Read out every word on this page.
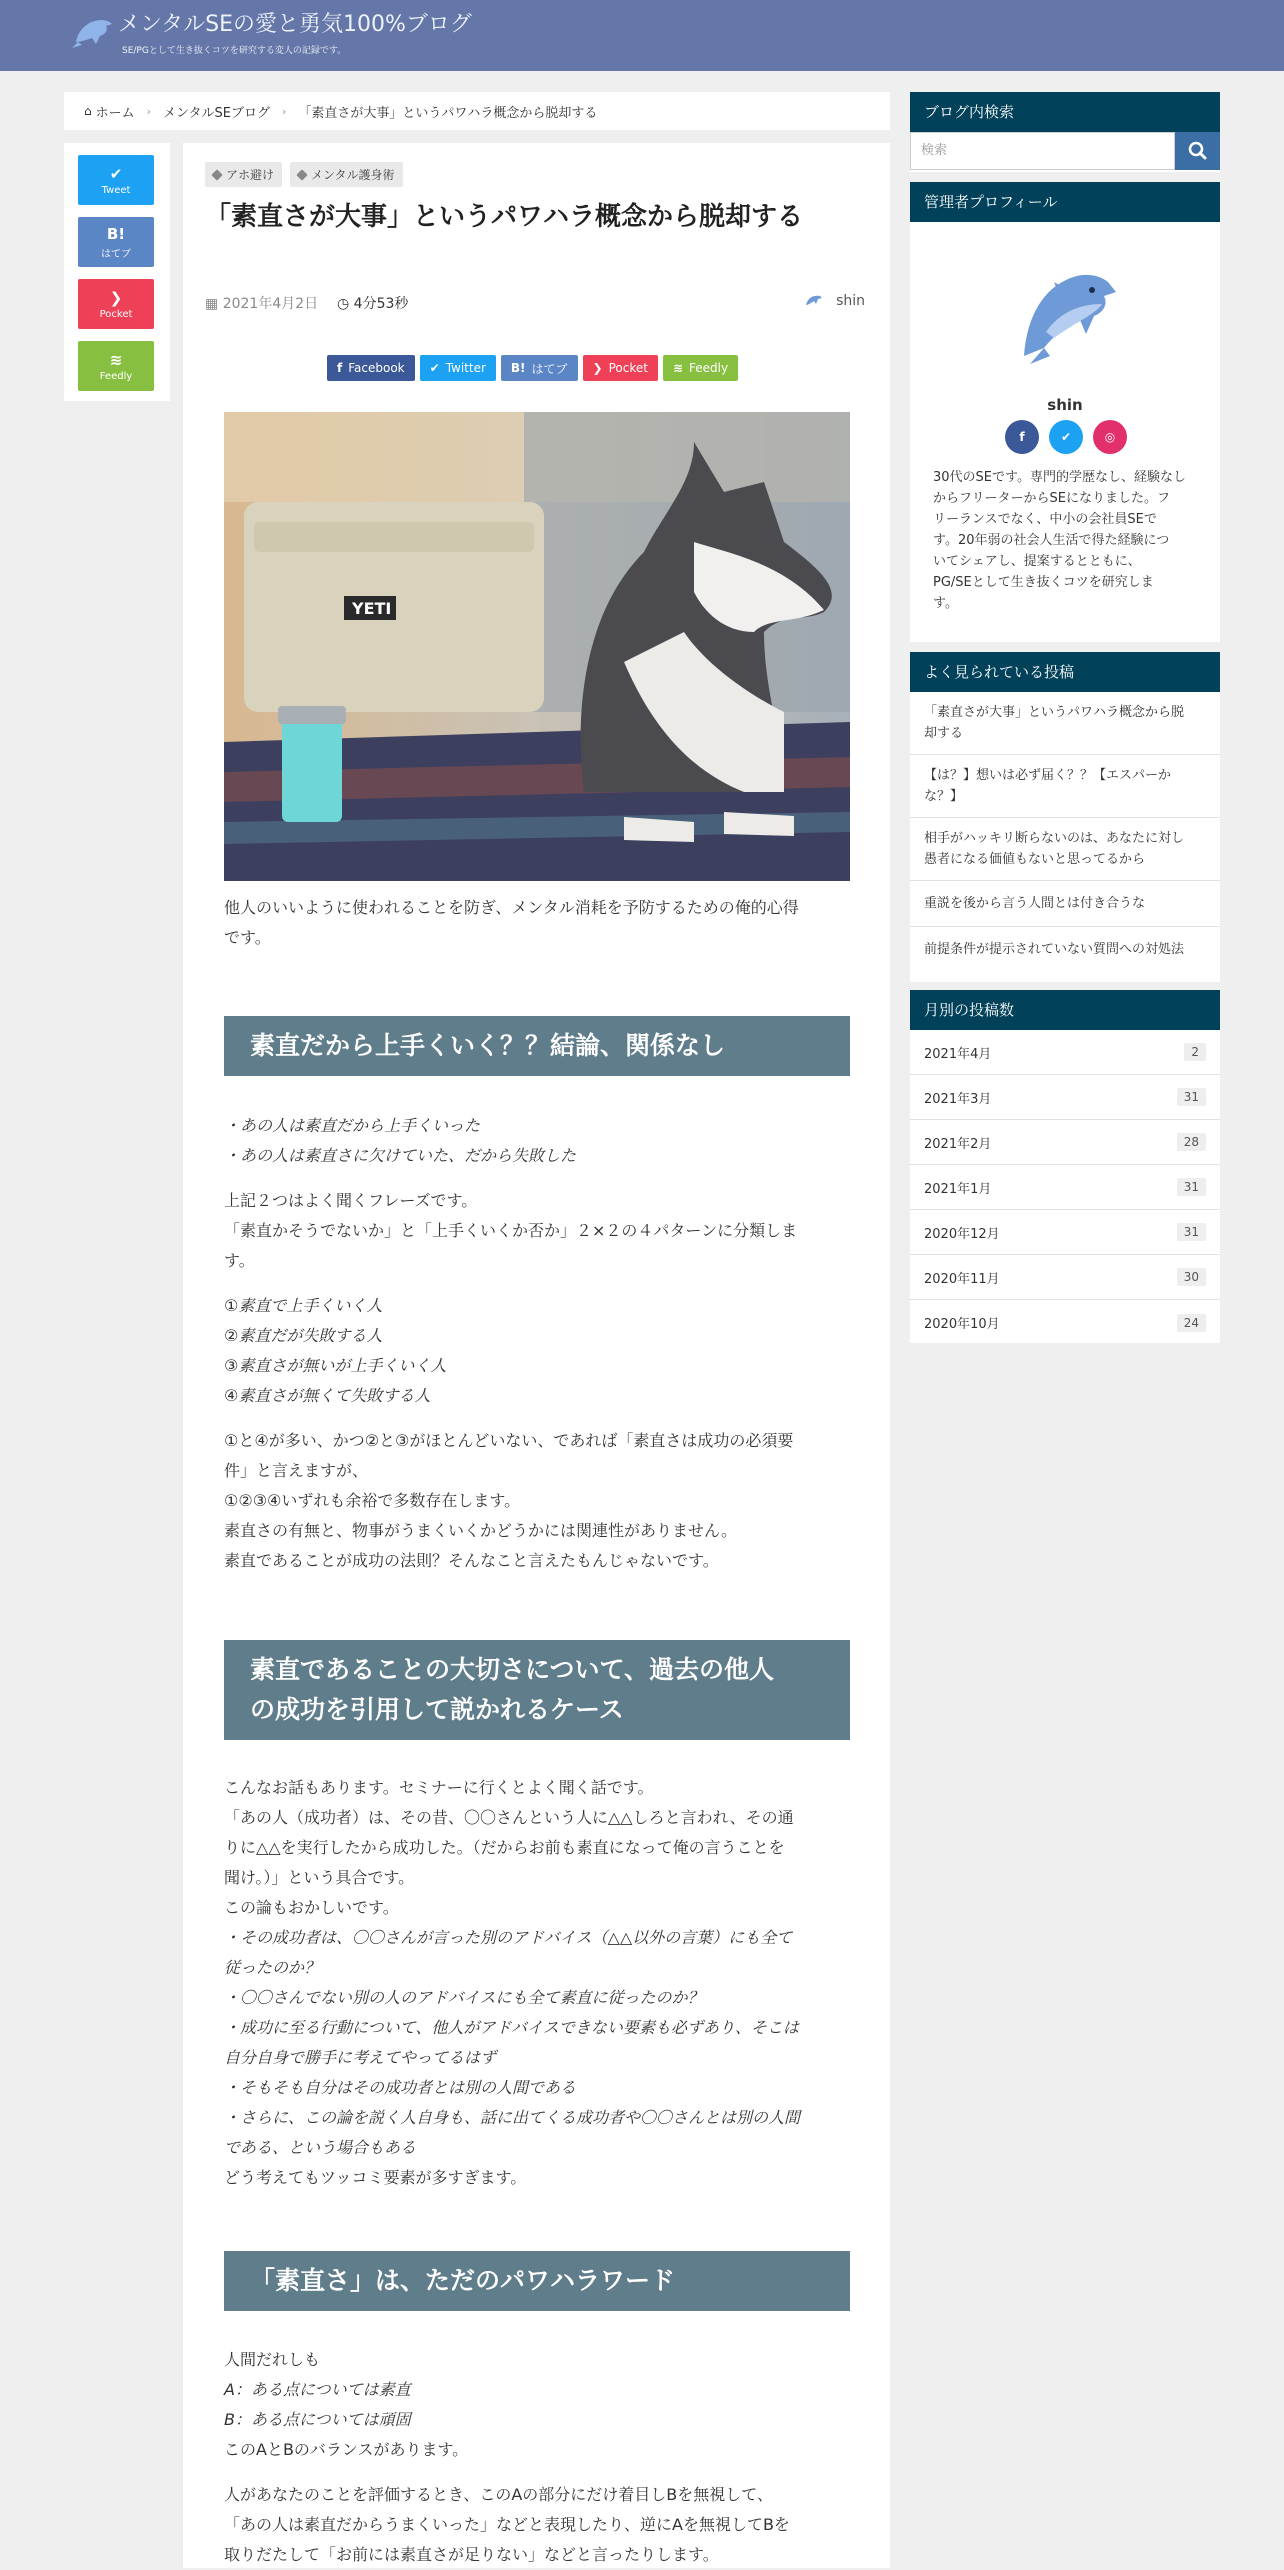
メンタルSEの愛と勇気100%ブログ
SE/PGとして生き抜くコツを研究する変人の記録です。
⌂ ホーム › メンタルSEブログ › 「素直さが大事」というパワハラ概念から脱却する
✔
Tweet
B!
はてブ
❯
Pocket
≋
Feedly
アホ避け	メンタル護身術
「素直さが大事」というパワハラ概念から脱却する
▦ 2021年4月2日 ◷ 4分53秒	shin
f Facebook ✔ Twitter B! はてブ ❯ Pocket ≋ Feedly
YETI
他人のいいように使われることを防ぎ、メンタル消耗を予防するための俺的心得
です。
素直だから上手くいく？？結論、関係なし
・あの人は素直だから上手くいった
・あの人は素直さに欠けていた、だから失敗した
上記２つはよく聞くフレーズです。
「素直かそうでないか」と「上手くいくか否か」２×２の４パターンに分類しま
す。
①素直で上手くいく人
②素直だが失敗する人
③素直さが無いが上手くいく人
④素直さが無くて失敗する人
①と④が多い、かつ②と③がほとんどいない、であれば「素直さは成功の必須要
件」と言えますが、
①②③④いずれも余裕で多数存在します。
素直さの有無と、物事がうまくいくかどうかには関連性がありません。
素直であることが成功の法則？そんなこと言えたもんじゃないです。
素直であることの大切さについて、過去の他人
の成功を引用して説かれるケース
こんなお話もあります。セミナーに行くとよく聞く話です。
「あの人（成功者）は、その昔、〇〇さんという人に△△しろと言われ、その通
りに△△を実行したから成功した。（だからお前も素直になって俺の言うことを
聞け。）」という具合です。
この論もおかしいです。
・その成功者は、〇〇さんが言った別のアドバイス（△△以外の言葉）にも全て
従ったのか？
・〇〇さんでない別の人のアドバイスにも全て素直に従ったのか？
・成功に至る行動について、他人がアドバイスできない要素も必ずあり、そこは
自分自身で勝手に考えてやってるはず
・そもそも自分はその成功者とは別の人間である
・さらに、この論を説く人自身も、話に出てくる成功者や〇〇さんとは別の人間
である、という場合もある
どう考えてもツッコミ要素が多すぎます。
「素直さ」は、ただのパワハラワード
人間だれしも
A：ある点については素直
B：ある点については頑固
このAとBのバランスがあります。
人があなたのことを評価するとき、このAの部分にだけ着目しBを無視して、
「あの人は素直だからうまくいった」などと表現したり、逆にAを無視してBを
取りだたして「お前には素直さが足りない」などと言ったりします。
ブログ内検索
検索
管理者プロフィール
shin
f	✔	◎
30代のSEです。専門的学歴なし、経験なし
からフリーターからSEになりました。フ
リーランスでなく、中小の会社員SEで
す。20年弱の社会人生活で得た経験につ
いてシェアし、提案するとともに、
PG/SEとして生き抜くコツを研究しま
す。
よく見られている投稿
「素直さが大事」というパワハラ概念から脱
却する
【は？】想いは必ず届く？？【エスパーか
な？】
相手がハッキリ断らないのは、あなたに対し
愚者になる価値もないと思ってるから
重説を後から言う人間とは付き合うな
前提条件が提示されていない質問への対処法
月別の投稿数
2021年4月	2
2021年3月	31
2021年2月	28
2021年1月	31
2020年12月	31
2020年11月	30
2020年10月	24
